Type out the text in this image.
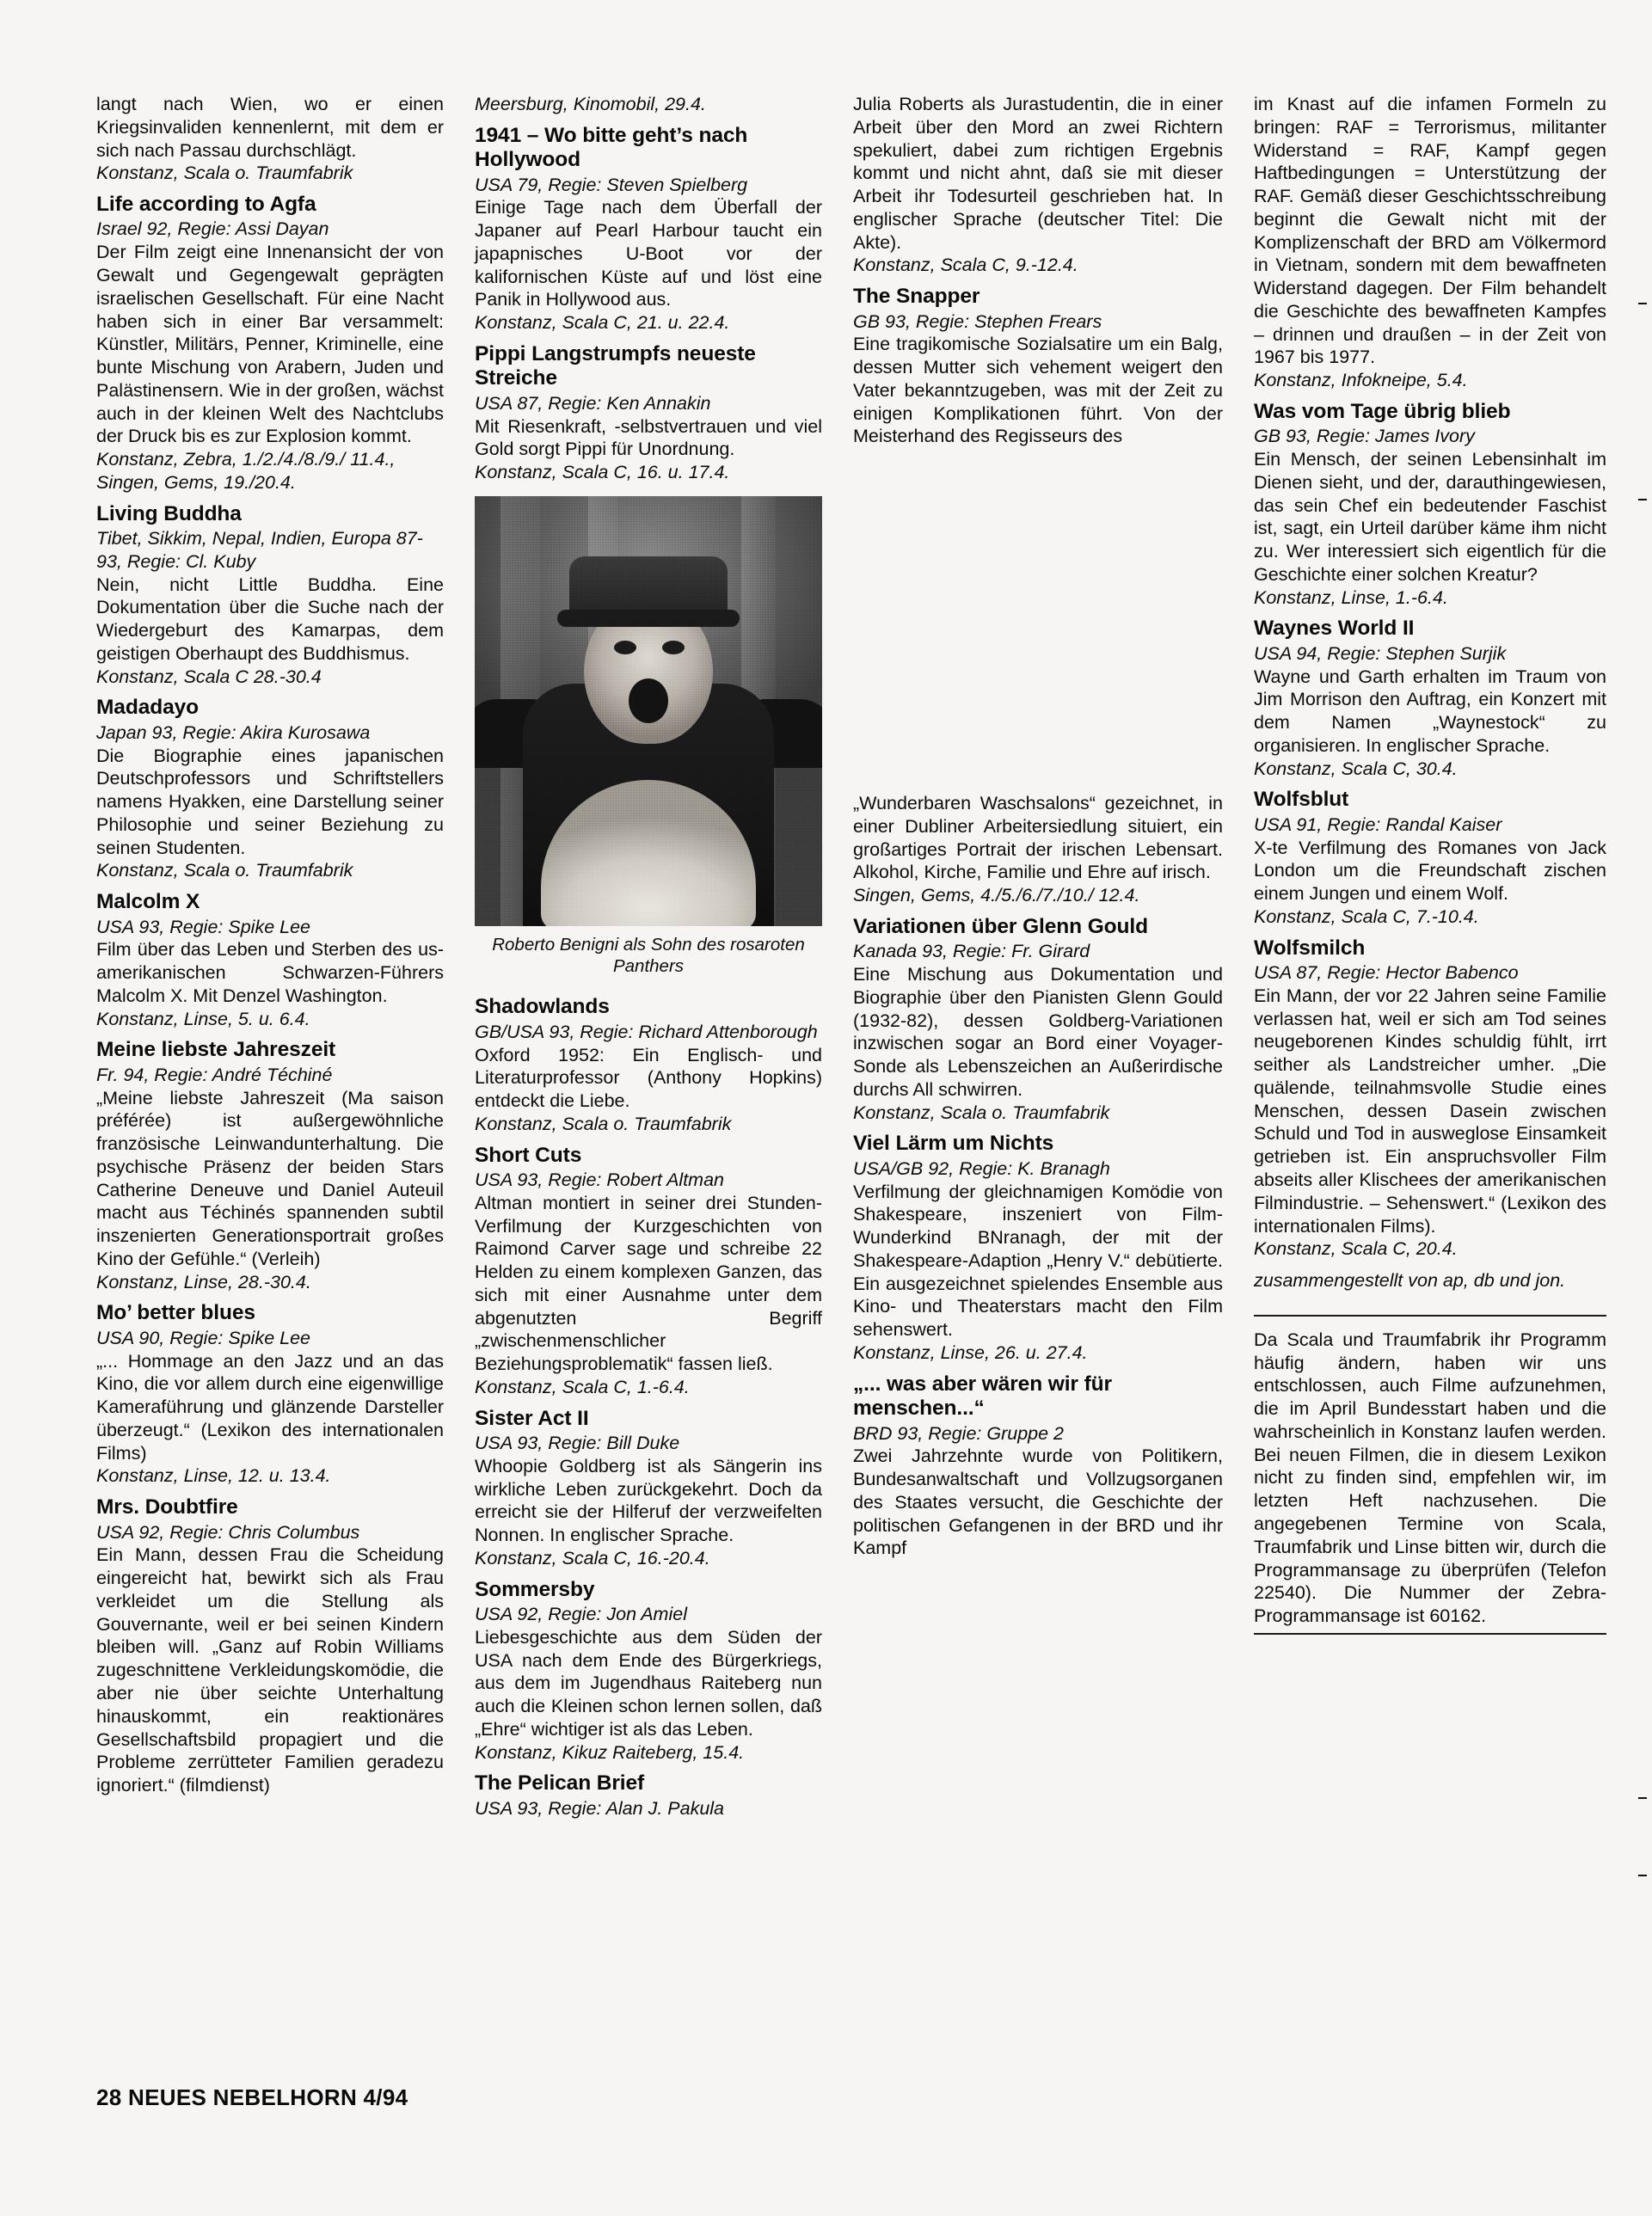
langt nach Wien, wo er einen Kriegsinvaliden kennenlernt, mit dem er sich nach Passau durchschlägt.

Konstanz, Scala o. Traumfabrik

Life according to Agfa

Israel 92, Regie: Assi Dayan

Der Film zeigt eine Innenansicht der von Gewalt und Gegengewalt geprägten israelischen Gesellschaft. Für eine Nacht haben sich in einer Bar versammelt: Künstler, Militärs, Penner, Kriminelle, eine bunte Mischung von Arabern, Juden und Palästinensern. Wie in der großen, wächst auch in der kleinen Welt des Nachtclubs der Druck bis es zur Explosion kommt.

Konstanz, Zebra, 1./2./4./8./9./ 11.4., Singen, Gems, 19./20.4.

Living Buddha

Tibet, Sikkim, Nepal, Indien, Europa 87-93, Regie: Cl. Kuby

Nein, nicht Little Buddha. Eine Dokumentation über die Suche nach der Wiedergeburt des Kamarpas, dem geistigen Oberhaupt des Buddhismus.

Konstanz, Scala C 28.-30.4

Madadayo

Japan 93, Regie: Akira Kurosawa

Die Biographie eines japanischen Deutschprofessors und Schriftstellers namens Hyakken, eine Darstellung seiner Philosophie und seiner Beziehung zu seinen Studenten.

Konstanz, Scala o. Traumfabrik

Malcolm X

USA 93, Regie: Spike Lee

Film über das Leben und Sterben des us-amerikanischen Schwarzen-Führers Malcolm X. Mit Denzel Washington.

Konstanz, Linse, 5. u. 6.4.

Meine liebste Jahreszeit

Fr. 94, Regie: André Téchiné

„Meine liebste Jahreszeit (Ma saison préférée) ist außergewöhnliche französische Leinwandunterhaltung. Die psychische Präsenz der beiden Stars Catherine Deneuve und Daniel Auteuil macht aus Téchinés spannenden subtil inszenierten Generationsportrait großes Kino der Gefühle.“ (Verleih)

Konstanz, Linse, 28.-30.4.

Mo’ better blues

USA 90, Regie: Spike Lee

„... Hommage an den Jazz und an das Kino, die vor allem durch eine eigenwillige Kameraführung und glänzende Darsteller überzeugt.“ (Lexikon des internationalen Films)

Konstanz, Linse, 12. u. 13.4.

Mrs. Doubtfire

USA 92, Regie: Chris Columbus

Ein Mann, dessen Frau die Scheidung eingereicht hat, bewirkt sich als Frau verkleidet um die Stellung als Gouvernante, weil er bei seinen Kindern bleiben will. „Ganz auf Robin Williams zugeschnittene Verkleidungskomödie, die aber nie über seichte Unterhaltung hinauskommt, ein reaktionäres Gesellschaftsbild propagiert und die Probleme zerrütteter Familien geradezu ignoriert.“ (filmdienst)

Meersburg, Kinomobil, 29.4.

1941 – Wo bitte geht’s nach Hollywood

USA 79, Regie: Steven Spielberg

Einige Tage nach dem Überfall der Japaner auf Pearl Harbour taucht ein japapnisches U-Boot vor der kalifornischen Küste auf und löst eine Panik in Hollywood aus.

Konstanz, Scala C, 21. u. 22.4.

Pippi Langstrumpfs neueste Streiche

USA 87, Regie: Ken Annakin

Mit Riesenkraft, -selbstvertrauen und viel Gold sorgt Pippi für Unordnung.

Konstanz, Scala C, 16. u. 17.4.

Roberto Benigni als Sohn des rosaroten Panthers

Shadowlands

GB/USA 93, Regie: Richard Attenborough

Oxford 1952: Ein Englisch- und Literaturprofessor (Anthony Hopkins) entdeckt die Liebe.

Konstanz, Scala o. Traumfabrik

Short Cuts

USA 93, Regie: Robert Altman

Altman montiert in seiner drei Stunden-Verfilmung der Kurzgeschichten von Raimond Carver sage und schreibe 22 Helden zu einem komplexen Ganzen, das sich mit einer Ausnahme unter dem abgenutzten Begriff „zwischenmenschlicher Beziehungsproblematik“ fassen ließ.

Konstanz, Scala C, 1.-6.4.

Sister Act II

USA 93, Regie: Bill Duke

Whoopie Goldberg ist als Sängerin ins wirkliche Leben zurückgekehrt. Doch da erreicht sie der Hilferuf der verzweifelten Nonnen. In englischer Sprache.

Konstanz, Scala C, 16.-20.4.

Sommersby

USA 92, Regie: Jon Amiel

Liebesgeschichte aus dem Süden der USA nach dem Ende des Bürgerkriegs, aus dem im Jugendhaus Raiteberg nun auch die Kleinen schon lernen sollen, daß „Ehre“ wichtiger ist als das Leben.

Konstanz, Kikuz Raiteberg, 15.4.

The Pelican Brief

USA 93, Regie: Alan J. Pakula

Julia Roberts als Jurastudentin, die in einer Arbeit über den Mord an zwei Richtern spekuliert, dabei zum richtigen Ergebnis kommt und nicht ahnt, daß sie mit dieser Arbeit ihr Todesurteil geschrieben hat. In englischer Sprache (deutscher Titel: Die Akte).

Konstanz, Scala C, 9.-12.4.

The Snapper

GB 93, Regie: Stephen Frears

Eine tragikomische Sozialsatire um ein Balg, dessen Mutter sich vehement weigert den Vater bekanntzugeben, was mit der Zeit zu einigen Komplikationen führt. Von der Meisterhand des Regisseurs des

„Wunderbaren Waschsalons“ gezeichnet, in einer Dubliner Arbeitersiedlung situiert, ein großartiges Portrait der irischen Lebensart. Alkohol, Kirche, Familie und Ehre auf irisch.

Singen, Gems, 4./5./6./7./10./ 12.4.

Variationen über Glenn Gould

Kanada 93, Regie: Fr. Girard

Eine Mischung aus Dokumentation und Biographie über den Pianisten Glenn Gould (1932-82), dessen Goldberg-Variationen inzwischen sogar an Bord einer Voyager-Sonde als Lebenszeichen an Außerirdische durchs All schwirren.

Konstanz, Scala o. Traumfabrik

Viel Lärm um Nichts

USA/GB 92, Regie: K. Branagh

Verfilmung der gleichnamigen Komödie von Shakespeare, inszeniert von Film-Wunderkind BNranagh, der mit der Shakespeare-Adaption „Henry V.“ debütierte. Ein ausgezeichnet spielendes Ensemble aus Kino- und Theaterstars macht den Film sehenswert.

Konstanz, Linse, 26. u. 27.4.

„... was aber wären wir für menschen...“

BRD 93, Regie: Gruppe 2

Zwei Jahrzehnte wurde von Politikern, Bundesanwaltschaft und Vollzugsorganen des Staates versucht, die Geschichte der politischen Gefangenen in der BRD und ihr Kampf

im Knast auf die infamen Formeln zu bringen: RAF = Terrorismus, militanter Widerstand = RAF, Kampf gegen Haftbedingungen = Unterstützung der RAF. Gemäß dieser Geschichtsschreibung beginnt die Gewalt nicht mit der Komplizenschaft der BRD am Völkermord in Vietnam, sondern mit dem bewaffneten Widerstand dagegen. Der Film behandelt die Geschichte des bewaffneten Kampfes – drinnen und draußen – in der Zeit von 1967 bis 1977.

Konstanz, Infokneipe, 5.4.

Was vom Tage übrig blieb

GB 93, Regie: James Ivory

Ein Mensch, der seinen Lebensinhalt im Dienen sieht, und der, darauthingewiesen, das sein Chef ein bedeutender Faschist ist, sagt, ein Urteil darüber käme ihm nicht zu. Wer interessiert sich eigentlich für die Geschichte einer solchen Kreatur?

Konstanz, Linse, 1.-6.4.

Waynes World II

USA 94, Regie: Stephen Surjik

Wayne und Garth erhalten im Traum von Jim Morrison den Auftrag, ein Konzert mit dem Namen „Waynestock“ zu organisieren. In englischer Sprache.

Konstanz, Scala C, 30.4.

Wolfsblut

USA 91, Regie: Randal Kaiser

X-te Verfilmung des Romanes von Jack London um die Freundschaft zischen einem Jungen und einem Wolf.

Konstanz, Scala C, 7.-10.4.

Wolfsmilch

USA 87, Regie: Hector Babenco

Ein Mann, der vor 22 Jahren seine Familie verlassen hat, weil er sich am Tod seines neugeborenen Kindes schuldig fühlt, irrt seither als Landstreicher umher. „Die quälende, teilnahmsvolle Studie eines Menschen, dessen Dasein zwischen Schuld und Tod in ausweglose Einsamkeit getrieben ist. Ein anspruchsvoller Film abseits aller Klischees der amerikanischen Filmindustrie. – Sehenswert.“ (Lexikon des internationalen Films).

Konstanz, Scala C, 20.4.

zusammengestellt von ap, db und jon.

Da Scala und Traumfabrik ihr Programm häufig ändern, haben wir uns entschlossen, auch Filme aufzunehmen, die im April Bundesstart haben und die wahrscheinlich in Konstanz laufen werden. Bei neuen Filmen, die in diesem Lexikon nicht zu finden sind, empfehlen wir, im letzten Heft nachzusehen. Die angegebenen Termine von Scala, Traumfabrik und Linse bitten wir, durch die Programmansage zu überprüfen (Telefon 22540). Die Nummer der Zebra-Programmansage ist 60162.

28 NEUES NEBELHORN 4/94
